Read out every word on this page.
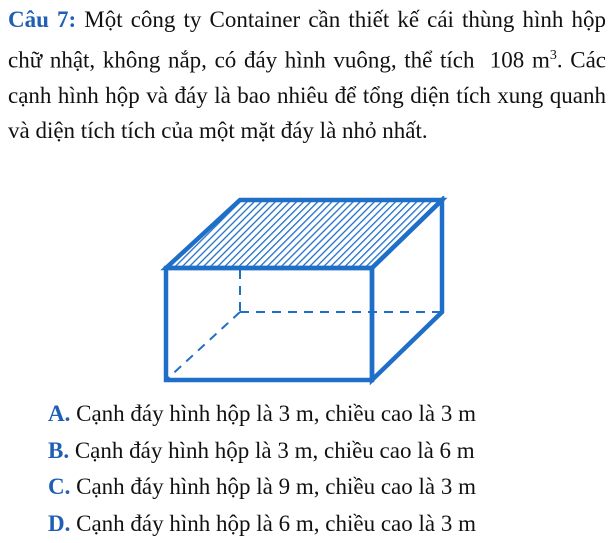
Câu 7: Một công ty Container cần thiết kế cái thùng hình hộp chữ nhật, không nắp, có đáy hình vuông, thể tích 108 $m^3$. Các cạnh hình hộp và đáy là bao nhiêu để tổng diện tích xung quanh và diện tích tích của một mặt đáy là nhỏ nhất.
A. Cạnh đáy hình hộp là 3 m, chiều cao là 3 m
B. Cạnh đáy hình hộp là 3 m, chiều cao là 6 m
C. Cạnh đáy hình hộp là 9 m, chiều cao là 3 m
D. Cạnh đáy hình hộp là 6 m, chiều cao là 3 m
